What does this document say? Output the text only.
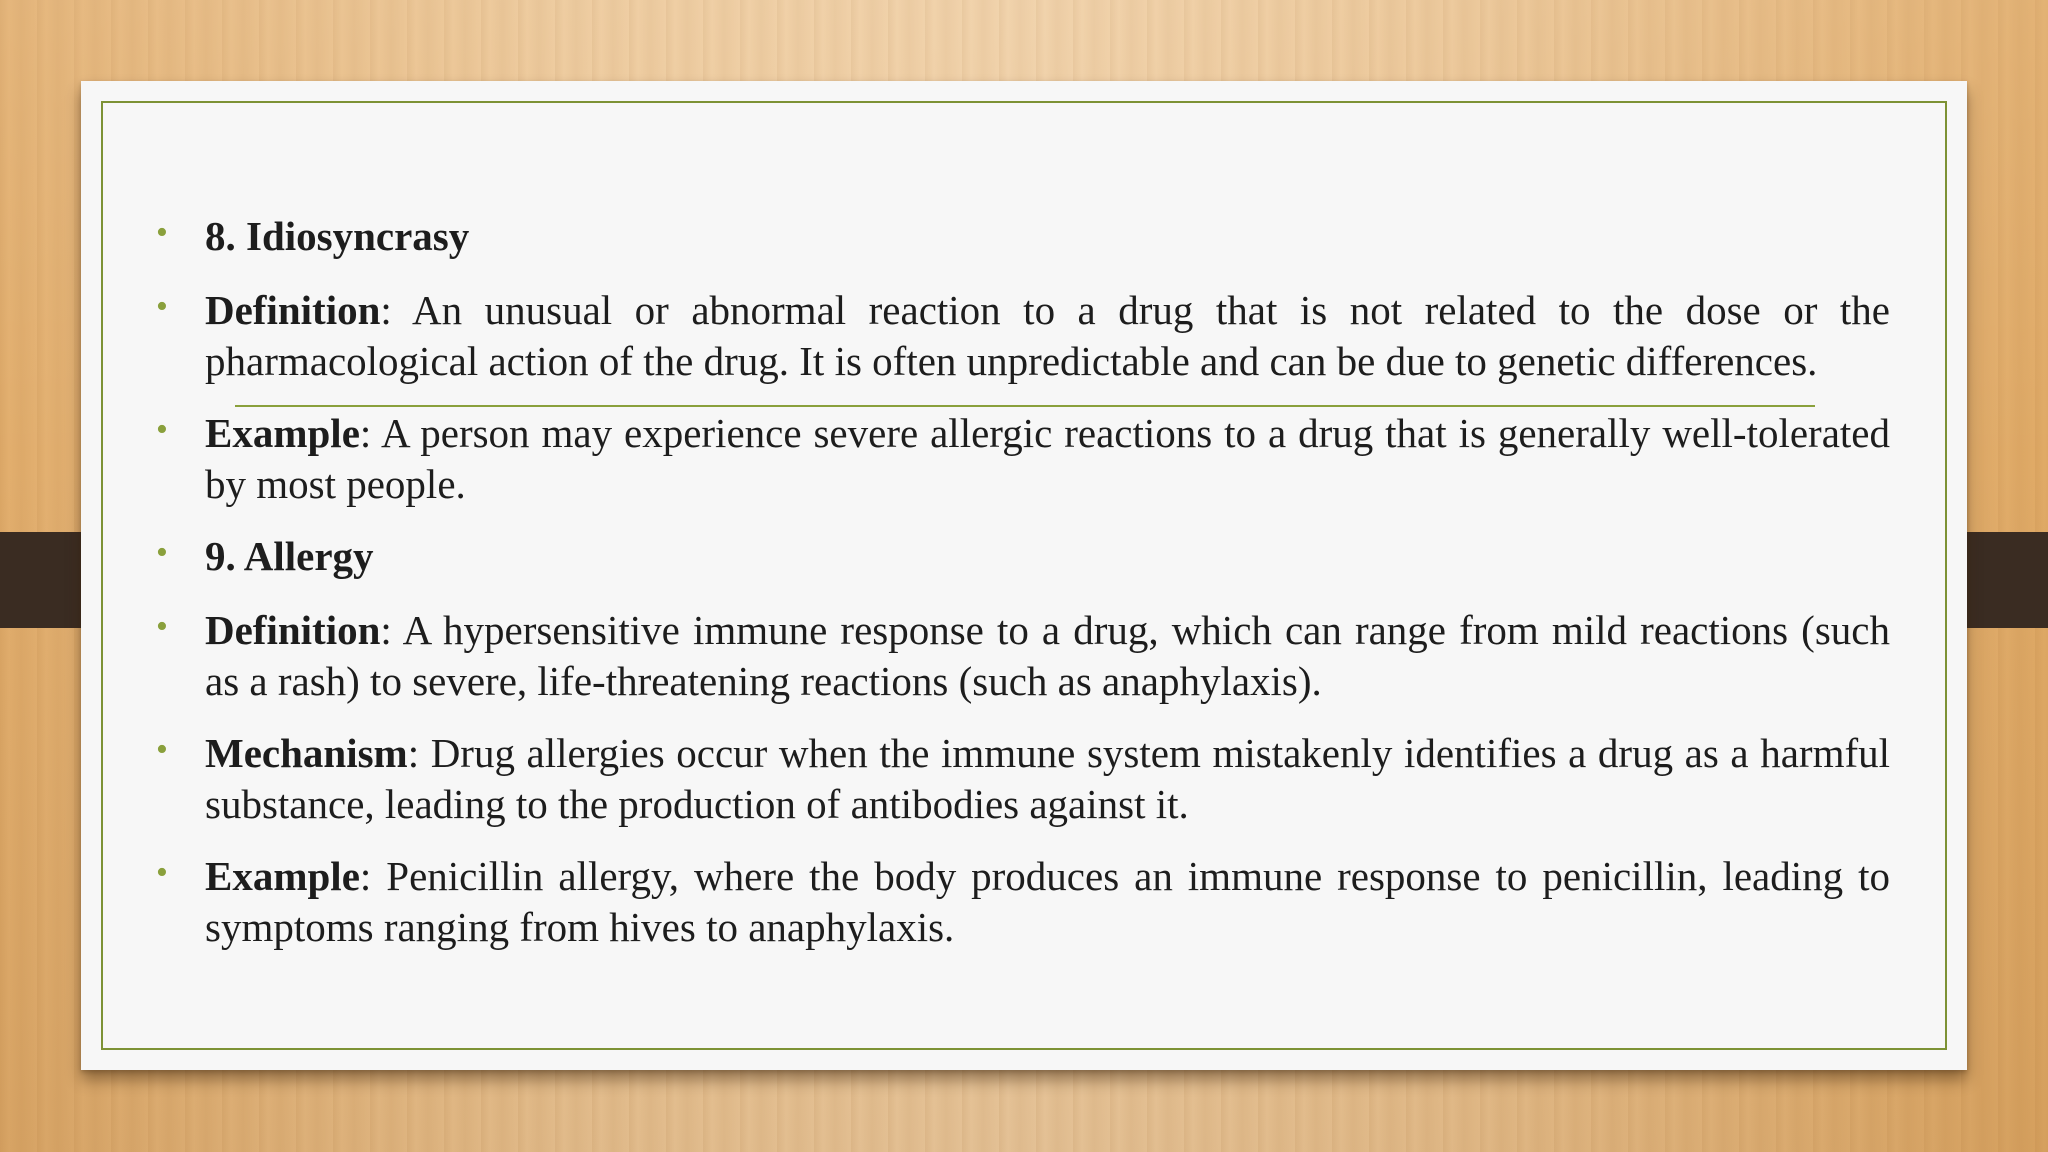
• 8. Idiosyncrasy
• Definition: An unusual or abnormal reaction to a drug that is not related to the dose or the pharmacological action of the drug. It is often unpredictable and can be due to genetic differences.
• Example: A person may experience severe allergic reactions to a drug that is generally well-tolerated by most people.
• 9. Allergy
• Definition: A hypersensitive immune response to a drug, which can range from mild reactions (such as a rash) to severe, life-threatening reactions (such as anaphylaxis).
• Mechanism: Drug allergies occur when the immune system mistakenly identifies a drug as a harmful substance, leading to the production of antibodies against it.
• Example: Penicillin allergy, where the body produces an immune response to penicillin, leading to symptoms ranging from hives to anaphylaxis.
